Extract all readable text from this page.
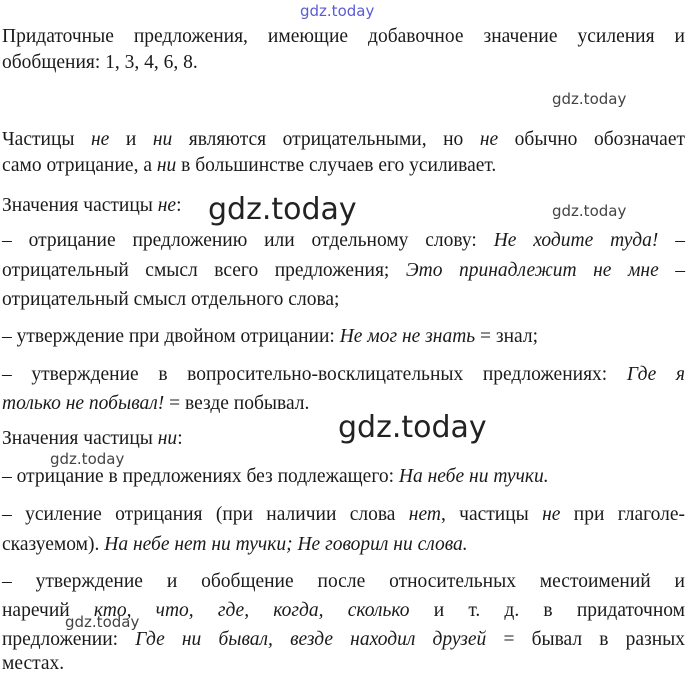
gdz.today
Придаточные предложения, имеющие добавочное значение усиления и
обобщения: 1, 3, 4, 6, 8.
gdz.today
Частицы не и ни являются отрицательными, но не обычно обозначает
само отрицание, а ни в большинстве случаев его усиливает.
Значения частицы не: gdz.today	gdz.today
– отрицание предложению или отдельному слову: Не ходите туда! –
отрицательный смысл всего предложения; Это принадлежит не мне –
отрицательный смысл отдельного слова;
– утверждение при двойном отрицании: Не мог не знать = знал;
– утверждение в вопросительно-восклицательных предложениях: Где я
только не побывал! = везде побывал.
gdz.today
Значения частицы ни:
gdz.today
– отрицание в предложениях без подлежащего: На небе ни тучки.
– усиление отрицания (при наличии слова нет, частицы не при глаголе-
сказуемом). На небе нет ни тучки; Не говорил ни слова.
– утверждение и обобщение после относительных местоимений и
наречий кто, что, где, когда, сколько и т. д. в придаточном
gdz.today
предложении: Где ни бывал, везде находил друзей = бывал в разных
местах.
